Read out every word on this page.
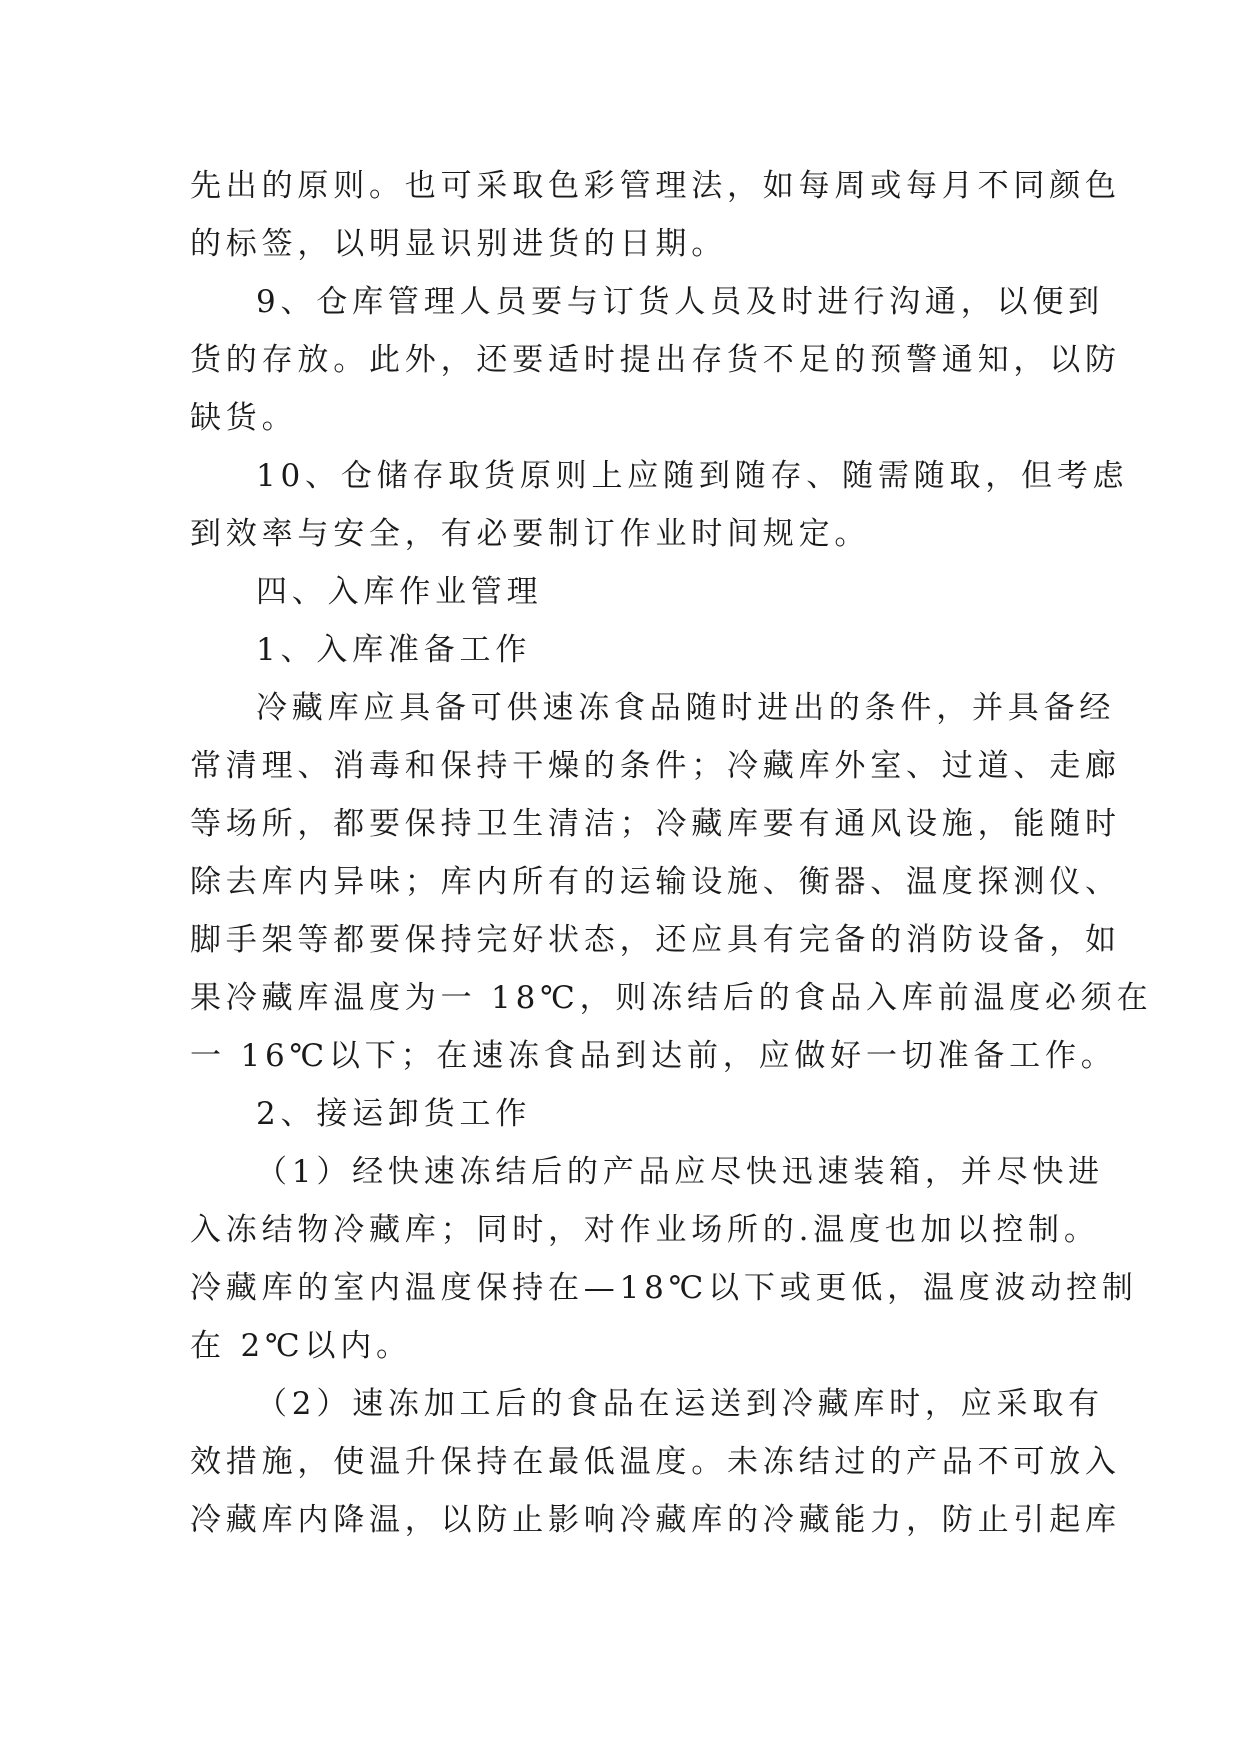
先出的原则。也可采取色彩管理法，如每周或每月不同颜色
的标签，以明显识别进货的日期。
9、仓库管理人员要与订货人员及时进行沟通，以便到
货的存放。此外，还要适时提出存货不足的预警通知，以防
缺货。
10、仓储存取货原则上应随到随存、随需随取，但考虑
到效率与安全，有必要制订作业时间规定。
四、入库作业管理
1、入库准备工作
冷藏库应具备可供速冻食品随时进出的条件，并具备经
常清理、消毒和保持干燥的条件；冷藏库外室、过道、走廊
等场所，都要保持卫生清洁；冷藏库要有通风设施，能随时
除去库内异味；库内所有的运输设施、衡器、温度探测仪、
脚手架等都要保持完好状态，还应具有完备的消防设备，如
果冷藏库温度为一 18℃，则冻结后的食品入库前温度必须在
一 16℃以下；在速冻食品到达前，应做好一切准备工作。
2、接运卸货工作
（1）经快速冻结后的产品应尽快迅速装箱，并尽快进
入冻结物冷藏库；同时，对作业场所的.温度也加以控制。
冷藏库的室内温度保持在—18℃以下或更低，温度波动控制
在 2℃以内。
（2）速冻加工后的食品在运送到冷藏库时，应采取有
效措施，使温升保持在最低温度。未冻结过的产品不可放入
冷藏库内降温，以防止影响冷藏库的冷藏能力，防止引起库
